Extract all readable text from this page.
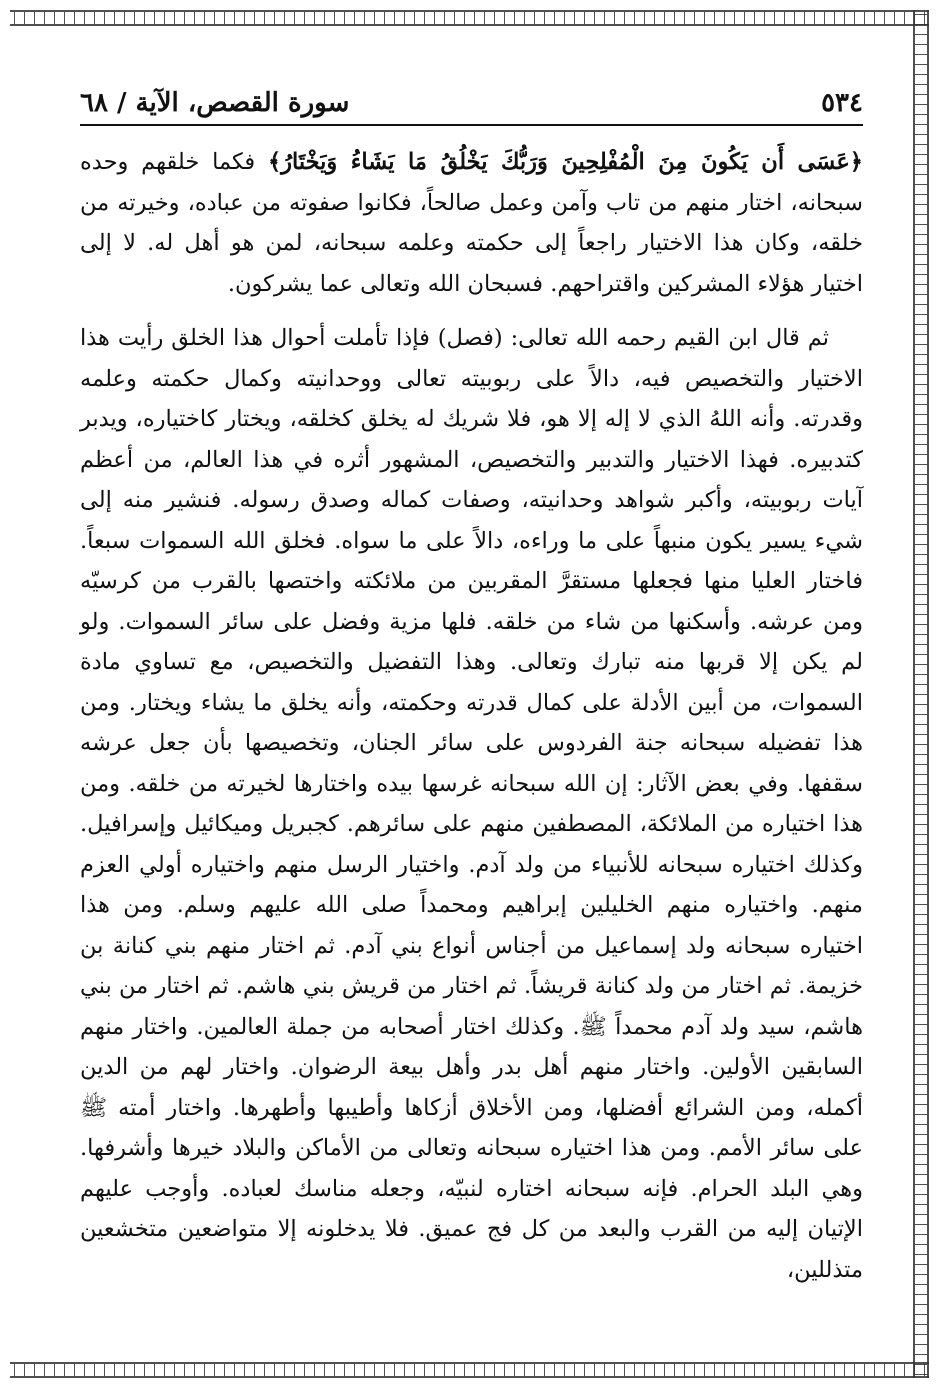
٥٣٤
سورة القصص، الآية / ٦٨

﴿عَسَى أَن يَكُونَ مِنَ الْمُفْلِحِينَ وَرَبُّكَ يَخْلُقُ مَا يَشَاءُ وَيَخْتَارُ﴾ فكما خلقهم وحده سبحانه، اختار منهم من تاب وآمن وعمل صالحاً، فكانوا صفوته من عباده، وخيرته من خلقه، وكان هذا الاختيار راجعاً إلى حكمته وعلمه سبحانه، لمن هو أهل له. لا إلى اختيار هؤلاء المشركين واقتراحهم. فسبحان الله وتعالى عما يشركون.

ثم قال ابن القيم رحمه الله تعالى: (فصل) فإذا تأملت أحوال هذا الخلق رأيت هذا الاختيار والتخصيص فيه، دالاً على ربوبيته تعالى ووحدانيته وكمال حكمته وعلمه وقدرته. وأنه اللهُ الذي لا إله إلا هو، فلا شريك له يخلق كخلقه، ويختار كاختياره، ويدبر كتدبيره. فهذا الاختيار والتدبير والتخصيص، المشهور أثره في هذا العالم، من أعظم آيات ربوبيته، وأكبر شواهد وحدانيته، وصفات كماله وصدق رسوله. فنشير منه إلى شيء يسير يكون منبهاً على ما وراءه، دالاً على ما سواه. فخلق الله السموات سبعاً. فاختار العليا منها فجعلها مستقرَّ المقربين من ملائكته واختصها بالقرب من كرسيّه ومن عرشه. وأسكنها من شاء من خلقه. فلها مزية وفضل على سائر السموات. ولو لم يكن إلا قربها منه تبارك وتعالى. وهذا التفضيل والتخصيص، مع تساوي مادة السموات، من أبين الأدلة على كمال قدرته وحكمته، وأنه يخلق ما يشاء ويختار. ومن هذا تفضيله سبحانه جنة الفردوس على سائر الجنان، وتخصيصها بأن جعل عرشه سقفها. وفي بعض الآثار: إن الله سبحانه غرسها بيده واختارها لخيرته من خلقه. ومن هذا اختياره من الملائكة، المصطفين منهم على سائرهم. كجبريل وميكائيل وإسرافيل. وكذلك اختياره سبحانه للأنبياء من ولد آدم. واختيار الرسل منهم واختياره أولي العزم منهم. واختياره منهم الخليلين إبراهيم ومحمداً صلى الله عليهم وسلم. ومن هذا اختياره سبحانه ولد إسماعيل من أجناس أنواع بني آدم. ثم اختار منهم بني كنانة بن خزيمة. ثم اختار من ولد كنانة قريشاً. ثم اختار من قريش بني هاشم. ثم اختار من بني هاشم، سيد ولد آدم محمداً ﷺ. وكذلك اختار أصحابه من جملة العالمين. واختار منهم السابقين الأولين. واختار منهم أهل بدر وأهل بيعة الرضوان. واختار لهم من الدين أكمله، ومن الشرائع أفضلها، ومن الأخلاق أزكاها وأطيبها وأطهرها. واختار أمته ﷺ على سائر الأمم. ومن هذا اختياره سبحانه وتعالى من الأماكن والبلاد خيرها وأشرفها. وهي البلد الحرام. فإنه سبحانه اختاره لنبيّه، وجعله مناسك لعباده. وأوجب عليهم الإتيان إليه من القرب والبعد من كل فج عميق. فلا يدخلونه إلا متواضعين متخشعين متذللين،
